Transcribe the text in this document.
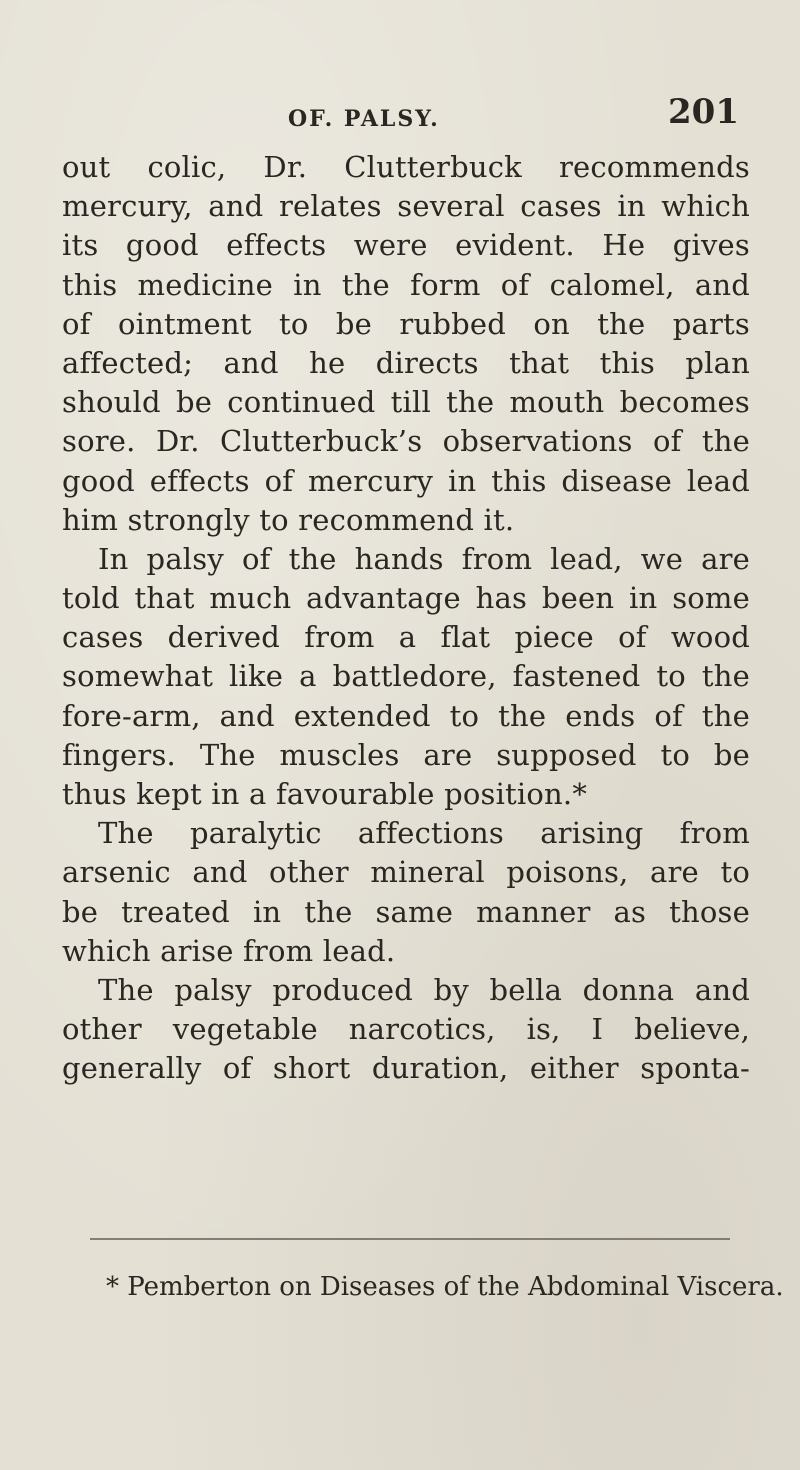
OF. PALSY.	201
out colic, Dr. Clutterbuck recommends
mercury, and relates several cases in which
its good effects were evident. He gives
this medicine in the form of calomel, and
of ointment to be rubbed on the parts
affected; and he directs that this plan
should be continued till the mouth becomes
sore. Dr. Clutterbuck’s observations of the
good effects of mercury in this disease lead
him strongly to recommend it.
In palsy of the hands from lead, we are
told that much advantage has been in some
cases derived from a flat piece of wood
somewhat like a battledore, fastened to the
fore-arm, and extended to the ends of the
fingers. The muscles are supposed to be
thus kept in a favourable position.*
The paralytic affections arising from
arsenic and other mineral poisons, are to
be treated in the same manner as those
which arise from lead.
The palsy produced by bella donna and
other vegetable narcotics, is, I believe,
generally of short duration, either sponta-
* Pemberton on Diseases of the Abdominal Viscera.
